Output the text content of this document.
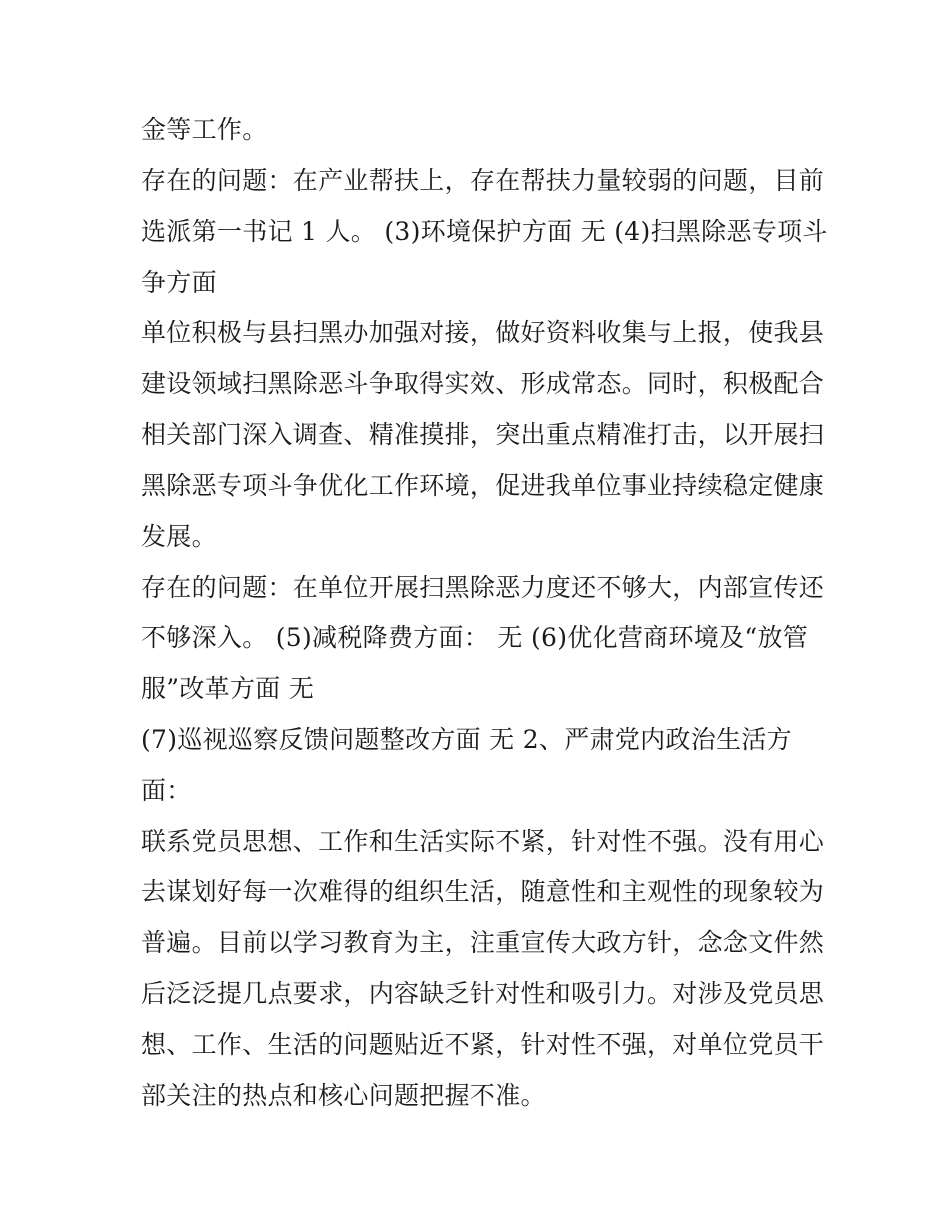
金等工作。
存在的问题：在产业帮扶上，存在帮扶力量较弱的问题，目前
选派第一书记 1 人。 (3)环境保护方面 无 (4)扫黑除恶专项斗
争方面
单位积极与县扫黑办加强对接，做好资料收集与上报，使我县
建设领域扫黑除恶斗争取得实效、形成常态。同时，积极配合
相关部门深入调查、精准摸排，突出重点精准打击，以开展扫
黑除恶专项斗争优化工作环境，促进我单位事业持续稳定健康
发展。
存在的问题：在单位开展扫黑除恶力度还不够大，内部宣传还
不够深入。 (5)减税降费方面： 无 (6)优化营商环境及“放管
服”改革方面 无
(7)巡视巡察反馈问题整改方面 无 2、严肃党内政治生活方
面：
联系党员思想、工作和生活实际不紧，针对性不强。没有用心
去谋划好每一次难得的组织生活，随意性和主观性的现象较为
普遍。目前以学习教育为主，注重宣传大政方针，念念文件然
后泛泛提几点要求，内容缺乏针对性和吸引力。对涉及党员思
想、工作、生活的问题贴近不紧，针对性不强，对单位党员干
部关注的热点和核心问题把握不准。
